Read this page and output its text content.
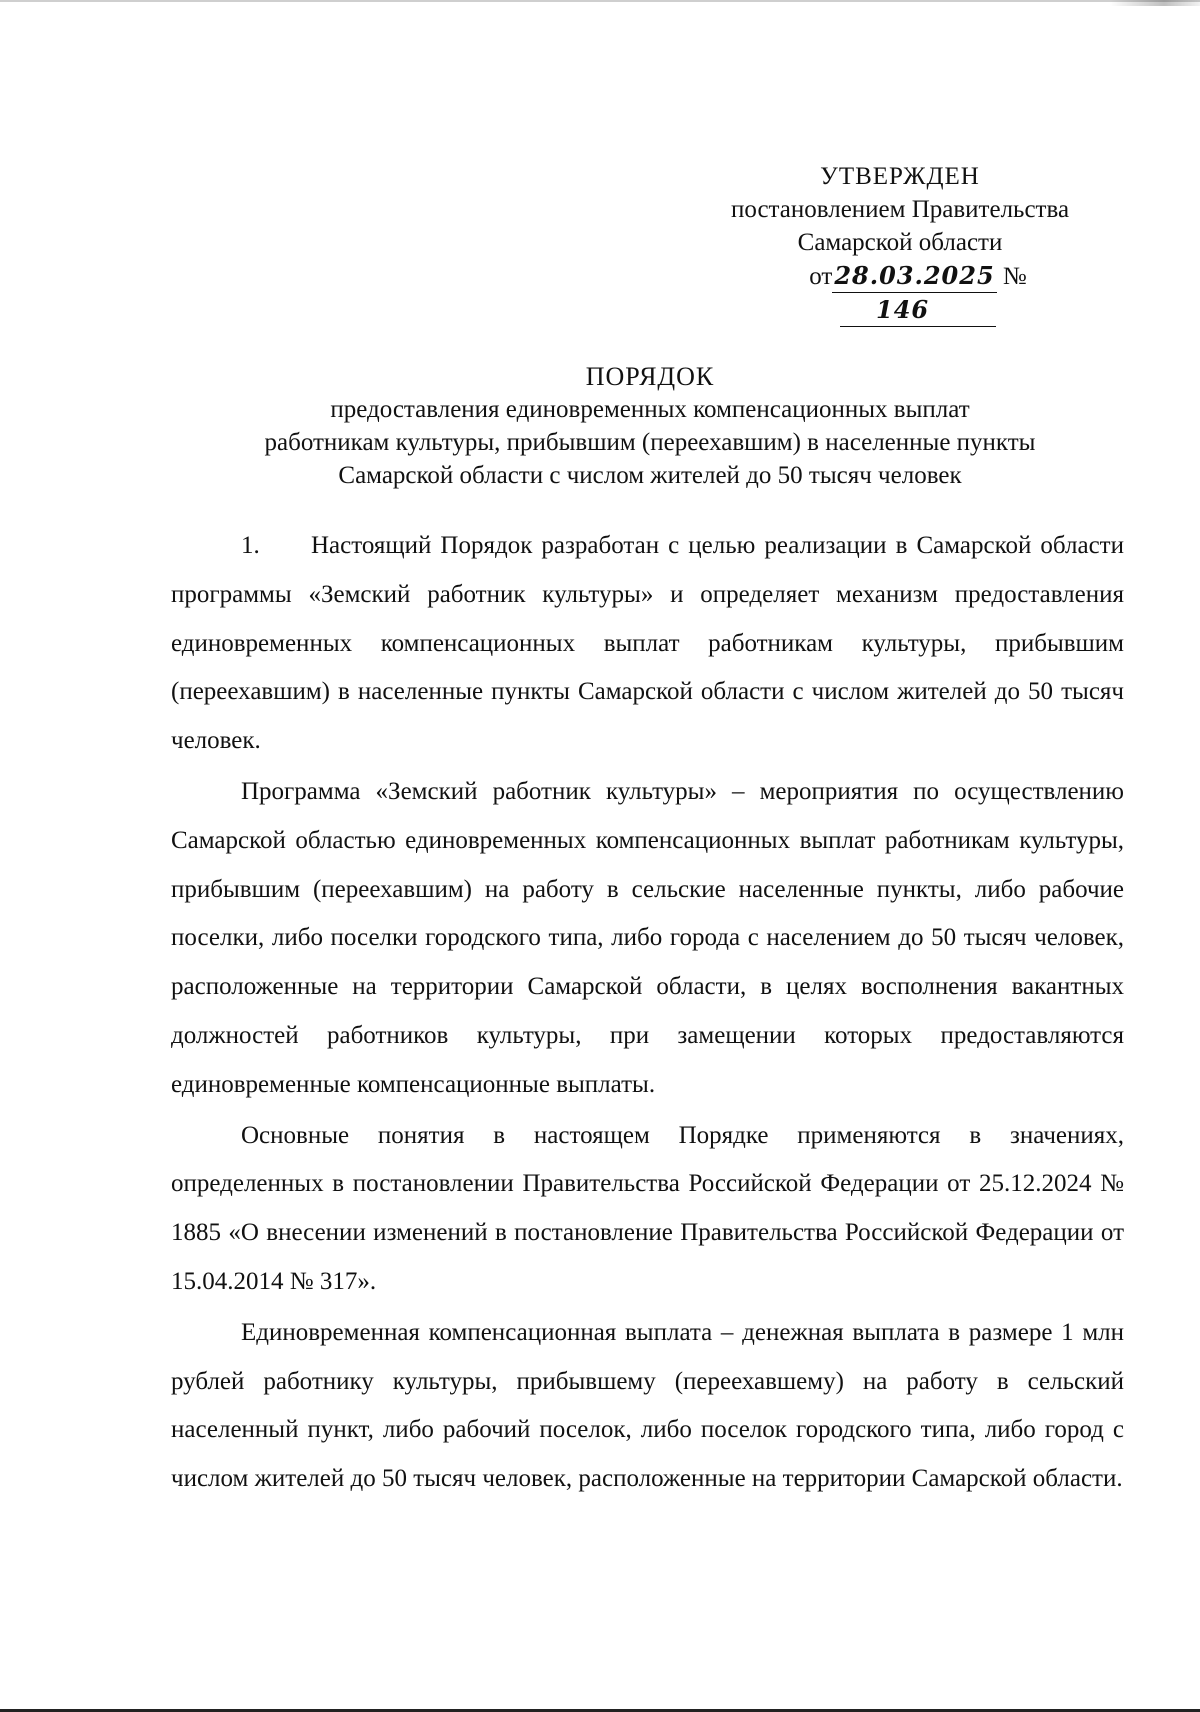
УТВЕРЖДЕН
постановлением Правительства
Самарской области
от28.03.2025 №146
ПОРЯДОК
предоставления единовременных компенсационных выплат
работникам культуры, прибывшим (переехавшим) в населенные пункты
Самарской области с числом жителей до 50 тысяч человек

1. Настоящий Порядок разработан с целью реализации в Самарской области программы «Земский работник культуры» и определяет механизм предоставления единовременных компенсационных выплат работникам культуры, прибывшим (переехавшим) в населенные пункты Самарской области с числом жителей до 50 тысяч человек.

Программа «Земский работник культуры» – мероприятия по осуществлению Самарской областью единовременных компенсационных выплат работникам культуры, прибывшим (переехавшим) на работу в сельские населенные пункты, либо рабочие поселки, либо поселки городского типа, либо города с населением до 50 тысяч человек, расположенные на территории Самарской области, в целях восполнения вакантных должностей работников культуры, при замещении которых предоставляются единовременные компенсационные выплаты.

Основные понятия в настоящем Порядке применяются в значениях, определенных в постановлении Правительства Российской Федерации от 25.12.2024 № 1885 «О внесении изменений в постановление Правительства Российской Федерации от 15.04.2014 № 317».

Единовременная компенсационная выплата – денежная выплата в размере 1 млн рублей работнику культуры, прибывшему (переехавшему) на работу в сельский населенный пункт, либо рабочий поселок, либо поселок городского типа, либо город с числом жителей до 50 тысяч человек, расположенные на территории Самарской области.
